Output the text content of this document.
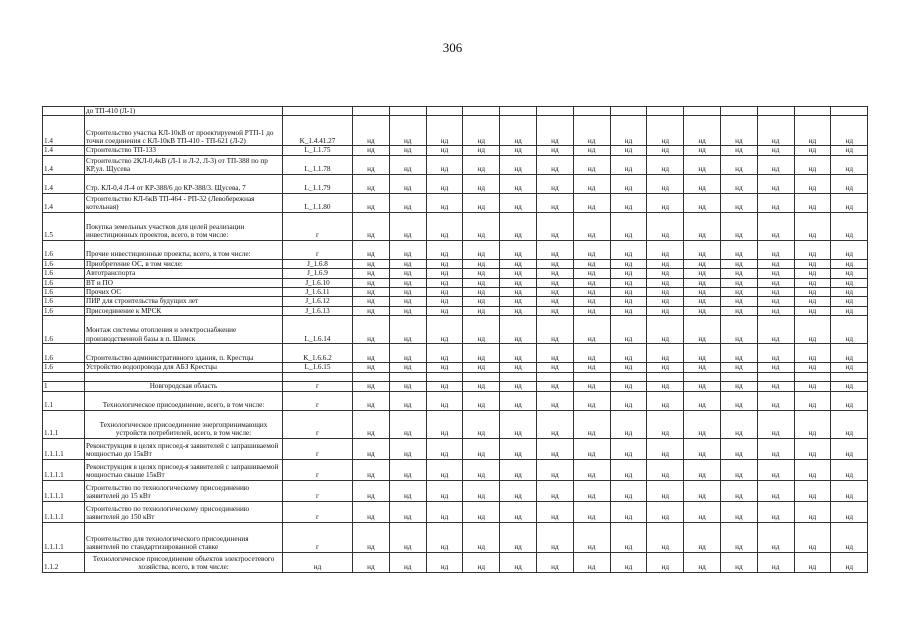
306
	до ТП-410 (Л-1)															
1.4	Строительство участка КЛ-10кВ от проектируемой РТП-1 до точки соединения с КЛ-10кВ ТП-410 - ТП-621 (Л-2)	K_1.4.41.27	нд	нд	нд	нд	нд	нд	нд	нд	нд	нд	нд	нд	нд	нд
1.4	Строительство ТП-133	L_1.1.75	нд	нд	нд	нд	нд	нд	нд	нд	нд	нд	нд	нд	нд	нд
1.4	Строительство 2КЛ-0,4кВ (Л-1 и Л-2, Л-3) от ТП-388 по пр КР,ул. Щусева	L_1.1.78	нд	нд	нд	нд	нд	нд	нд	нд	нд	нд	нд	нд	нд	нд
1.4	Стр. КЛ-0,4 Л-4 от КР-388/6 до КР-388/3. Щусева, 7	L_1.1.79	нд	нд	нд	нд	нд	нд	нд	нд	нд	нд	нд	нд	нд	нд
1.4	Строительство КЛ-6кВ ТП-464 - РП-32 (Левобережная котельная)	L_1.1.80	нд	нд	нд	нд	нд	нд	нд	нд	нд	нд	нд	нд	нд	нд
1.5	Покупка земельных участков для целей реализации инвестиционных проектов, всего, в том числе:	г	нд	нд	нд	нд	нд	нд	нд	нд	нд	нд	нд	нд	нд	нд
1.6	Прочие инвестиционные проекты, всего, в том числе:	г	нд	нд	нд	нд	нд	нд	нд	нд	нд	нд	нд	нд	нд	нд
1.6	Приобретение ОС, в том числе:	J_1.6.8	нд	нд	нд	нд	нд	нд	нд	нд	нд	нд	нд	нд	нд	нд
1.6	Автотранспорта	J_1.6.9	нд	нд	нд	нд	нд	нд	нд	нд	нд	нд	нд	нд	нд	нд
1.6	ВТ и ПО	J_1.6.10	нд	нд	нд	нд	нд	нд	нд	нд	нд	нд	нд	нд	нд	нд
1.6	Прочих ОС	J_1.6.11	нд	нд	нд	нд	нд	нд	нд	нд	нд	нд	нд	нд	нд	нд
1.6	ПИР для строительства будущих лет	J_1.6.12	нд	нд	нд	нд	нд	нд	нд	нд	нд	нд	нд	нд	нд	нд
1.6	Присоединение к МРСК	J_1.6.13	нд	нд	нд	нд	нд	нд	нд	нд	нд	нд	нд	нд	нд	нд
1.6	Монтаж системы отопления и электроснабжение производственной базы в п. Шимск	L_1.6.14	нд	нд	нд	нд	нд	нд	нд	нд	нд	нд	нд	нд	нд	нд
1.6	Строительство административного здания, п. Крестцы	K_1.6.6.2	нд	нд	нд	нд	нд	нд	нд	нд	нд	нд	нд	нд	нд	нд
1.6	Устройство водопровода для АБЗ Крестцы	L_1.6.15	нд	нд	нд	нд	нд	нд	нд	нд	нд	нд	нд	нд	нд	нд

1	Новгородская область	г	нд	нд	нд	нд	нд	нд	нд	нд	нд	нд	нд	нд	нд	нд
1.1	Технологическое присоединение, всего, в том числе:	г	нд	нд	нд	нд	нд	нд	нд	нд	нд	нд	нд	нд	нд	нд
1.1.1	Технологическое присоединение энергопринимающих устройств потребителей, всего, в том числе:	г	нд	нд	нд	нд	нд	нд	нд	нд	нд	нд	нд	нд	нд	нд
1.1.1.1	Реконструкция в целях присоед-я заявителей с запрашиваемой мощностью до 15кВт	г	нд	нд	нд	нд	нд	нд	нд	нд	нд	нд	нд	нд	нд	нд
1.1.1.1	Реконструкция в целях присоед-я заявителей с запрашиваемой мощностью свыше 15кВт	г	нд	нд	нд	нд	нд	нд	нд	нд	нд	нд	нд	нд	нд	нд
1.1.1.1	Строительство по технологическому присоединению заявителей до 15 кВт	г	нд	нд	нд	нд	нд	нд	нд	нд	нд	нд	нд	нд	нд	нд
1.1.1.1	Строительство по технологическому присоединению заявителей до 150 кВт	г	нд	нд	нд	нд	нд	нд	нд	нд	нд	нд	нд	нд	нд	нд
1.1.1.1	Строительство для технологического присоединения заявителей по стандартизированной ставке	г	нд	нд	нд	нд	нд	нд	нд	нд	нд	нд	нд	нд	нд	нд
1.1.2	Технологическое присоединение объектов электросетевого хозяйства, всего, в том числе:	нд	нд	нд	нд	нд	нд	нд	нд	нд	нд	нд	нд	нд	нд	нд
